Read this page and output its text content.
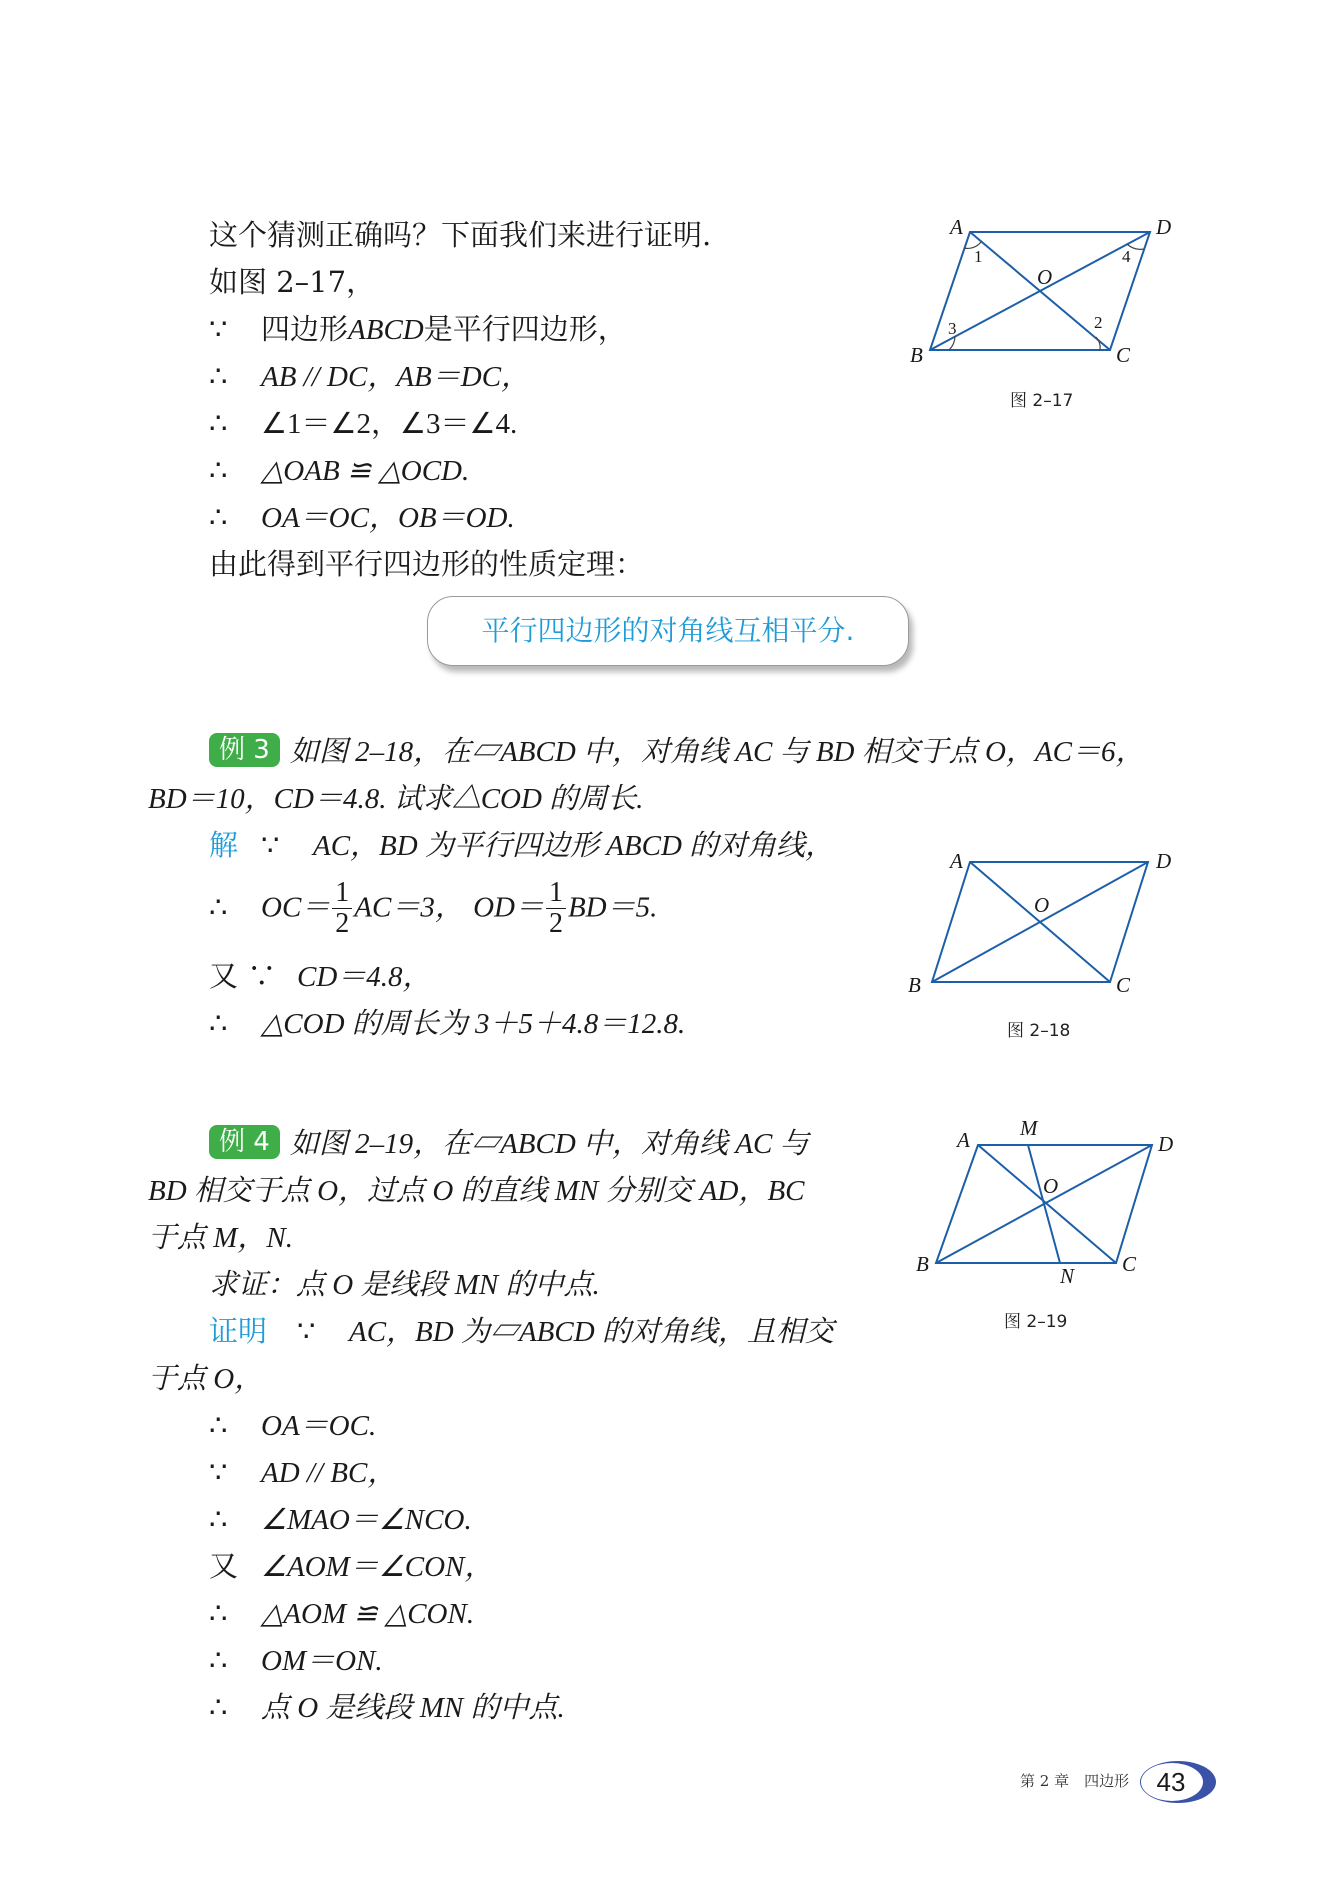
这个猜测正确吗？下面我们来进行证明.
如图 2–17，
∵ 四边形ABCD是平行四边形，
∴ AB // DC，AB＝DC，
∴ ∠1＝∠2，∠3＝∠4.
∴ △OAB ≌ △OCD.
∴ OA＝OC，OB＝OD.
由此得到平行四边形的性质定理：
平行四边形的对角线互相平分.
A	D
B	C
O
1	4
3	2
图 2–17
例 3 如图 2–18，在▱ABCD 中，对角线 AC 与 BD 相交于点 O，AC＝6，
BD＝10，CD＝4.8. 试求△COD 的周长.
解 ∵ AC，BD 为平行四边形 ABCD 的对角线，
∴ $OC= \frac{1}{2} AC=3$， $OD= \frac{1}{2} BD=5$.
又 ∵ CD＝4.8，
∴ △COD 的周长为 3＋5＋4.8＝12.8.
A	D
B	C
O
图 2–18
例 4 如图 2–19，在▱ABCD 中，对角线 AC 与
BD 相交于点 O，过点 O 的直线 MN 分别交 AD，BC
于点 M，N.
求证：点 O 是线段 MN 的中点.
证明 ∵ AC，BD 为▱ABCD 的对角线，且相交
于点 O，
∴ OA＝OC.
∵ AD // BC，
∴ ∠MAO＝∠NCO.
又 ∠AOM＝∠CON，
∴ △AOM ≌ △CON.
∴ OM＝ON.
∴ 点 O 是线段 MN 的中点.
A M
D
O
B	N C
图 2–19
第 2 章　四边形 43
